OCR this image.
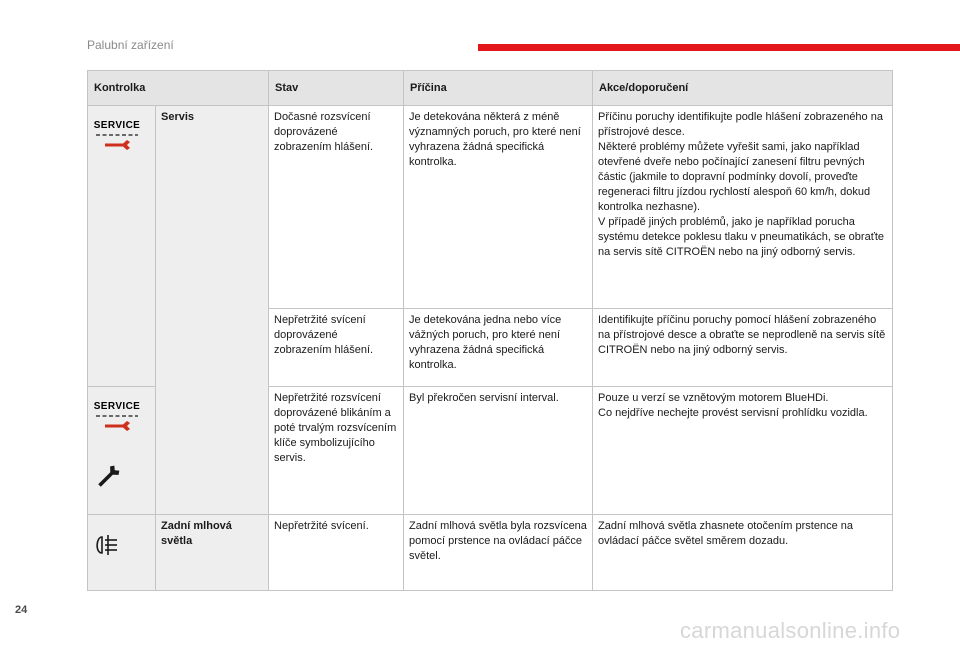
Palubní zařízení
Kontrolka		Stav	Příčina	Akce/doporučení

SERVICE	Servis	Dočasné rozsvícení doprovázené zobrazením hlášení.	Je detekována některá z méně významných poruch, pro které není vyhrazena žádná specifická kontrolka.	Příčinu poruchy identifikujte podle hlášení zobrazeného na přístrojové desce.
Některé problémy můžete vyřešit sami, jako například otevřené dveře nebo počínající zanesení filtru pevných částic (jakmile to dopravní podmínky dovolí, proveďte regeneraci filtru jízdou rychlostí alespoň 60 km/h, dokud kontrolka nezhasne).
V případě jiných problémů, jako je například porucha systému detekce poklesu tlaku v pneumatikách, se obraťte na servis sítě CITROËN nebo na jiný odborný servis.
		Nepřetržité svícení doprovázené zobrazením hlášení.	Je detekována jedna nebo více vážných poruch, pro které není vyhrazena žádná specifická kontrolka.	Identifikujte příčinu poruchy pomocí hlášení zobrazeného na přístrojové desce a obraťte se neprodleně na servis sítě CITROËN nebo na jiný odborný servis.

SERVICE		Nepřetržité rozsvícení doprovázené blikáním a poté trvalým rozsvícením klíče symbolizujícího servis.	Byl překročen servisní interval.	Pouze u verzí se vznětovým motorem BlueHDi.
Co nejdříve nechejte provést servisní prohlídku vozidla.
	Zadní mlhová světla	Nepřetržité svícení.	Zadní mlhová světla byla rozsvícena pomocí prstence na ovládací páčce světel.	Zadní mlhová světla zhasnete otočením prstence na ovládací páčce světel směrem dozadu.
24
carmanualsonline.info
